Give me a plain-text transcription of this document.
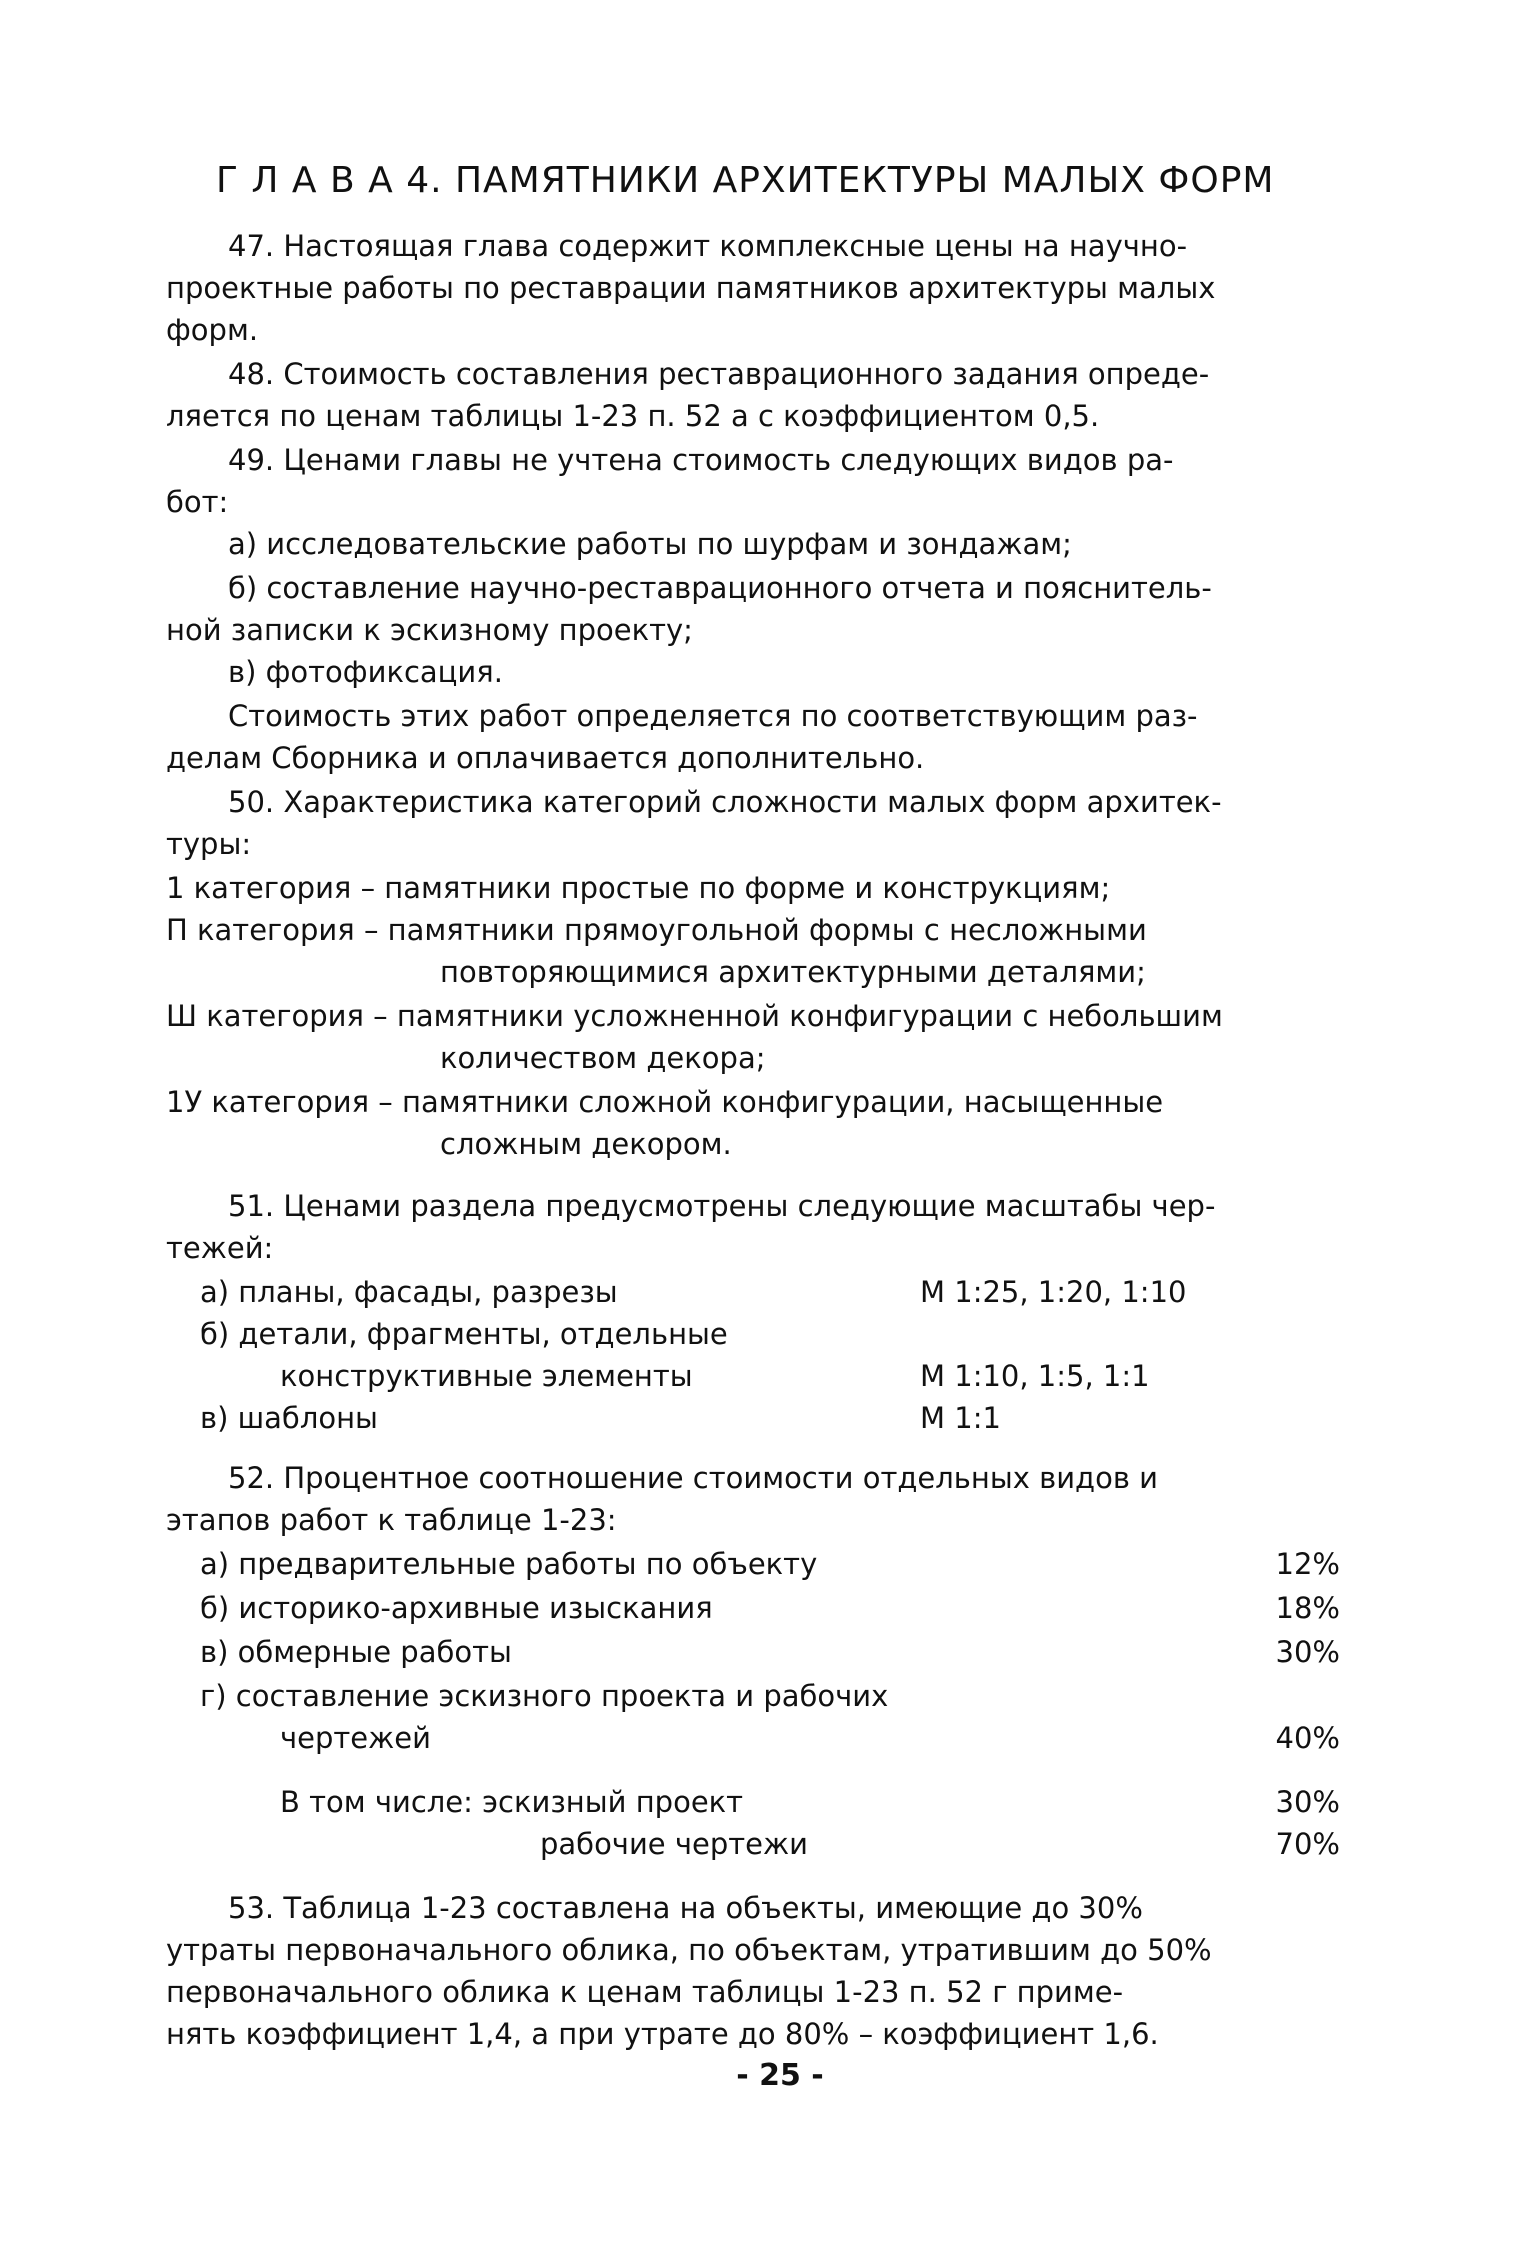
Г Л А В А 4. ПАМЯТНИКИ АРХИТЕКТУРЫ МАЛЫХ ФОРМ
47. Настоящая глава содержит комплексные цены на научно-
проектные работы по реставрации памятников архитектуры малых
форм.
48. Стоимость составления реставрационного задания опреде-
ляется по ценам таблицы 1-23 п. 52 а с коэффициентом 0,5.
49. Ценами главы не учтена стоимость следующих видов ра-
бот:
а) исследовательские работы по шурфам и зондажам;
б) составление научно-реставрационного отчета и пояснитель-
ной записки к эскизному проекту;
в) фотофиксация.
Стоимость этих работ определяется по соответствующим раз-
делам Сборника и оплачивается дополнительно.
50. Характеристика категорий сложности малых форм архитек-
туры:
1 категория – памятники простые по форме и конструкциям;
П категория – памятники прямоугольной формы с несложными
повторяющимися архитектурными деталями;
Ш категория – памятники усложненной конфигурации с небольшим
количеством декора;
1У категория – памятники сложной конфигурации, насыщенные
сложным декором.
51. Ценами раздела предусмотрены следующие масштабы чер-
тежей:
а) планы, фасады, разрезы	М 1:25, 1:20, 1:10
б) детали, фрагменты, отдельные
конструктивные элементы	М 1:10, 1:5, 1:1
в) шаблоны	М 1:1
52. Процентное соотношение стоимости отдельных видов и
этапов работ к таблице 1-23:
а) предварительные работы по объекту	12%
б) историко-архивные изыскания	18%
в) обмерные работы	30%
г) составление эскизного проекта и рабочих
чертежей	40%
В том числе: эскизный проект	30%
рабочие чертежи	70%
53. Таблица 1-23 составлена на объекты, имеющие до 30%
утраты первоначального облика, по объектам, утратившим до 50%
первоначального облика к ценам таблицы 1-23 п. 52 г приме-
нять коэффициент 1,4, а при утрате до 80% – коэффициент 1,6.
- 25 -
